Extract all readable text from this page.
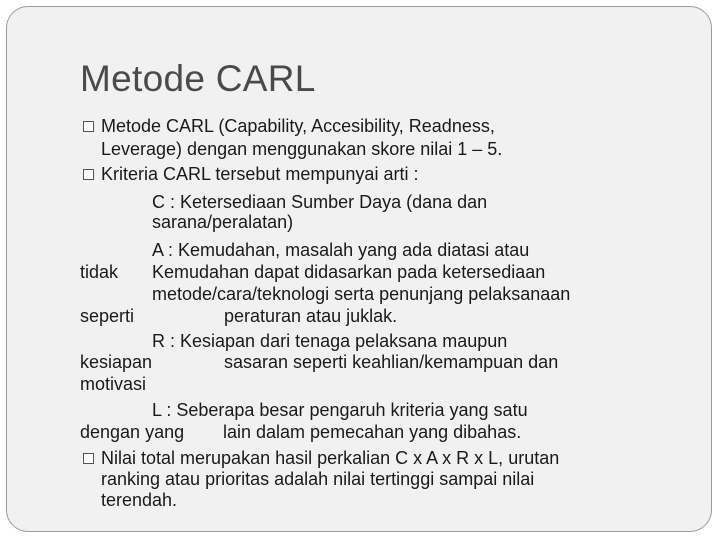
Metode CARL
Metode CARL (Capability, Accesibility, Readness,
Leverage) dengan menggunakan skore nilai 1 – 5.
Kriteria CARL tersebut mempunyai arti :
C : Ketersediaan Sumber Daya (dana dan
sarana/peralatan)
A : Kemudahan, masalah yang ada diatasi atau
tidak Kemudahan dapat didasarkan pada ketersediaan
metode/cara/teknologi serta penunjang pelaksanaan
seperti	peraturan atau juklak.
R : Kesiapan dari tenaga pelaksana maupun
kesiapan	sasaran seperti keahlian/kemampuan dan
motivasi
L : Seberapa besar pengaruh kriteria yang satu
dengan yang lain dalam pemecahan yang dibahas.
Nilai total merupakan hasil perkalian C x A x R x L, urutan
ranking atau prioritas adalah nilai tertinggi sampai nilai
terendah.
